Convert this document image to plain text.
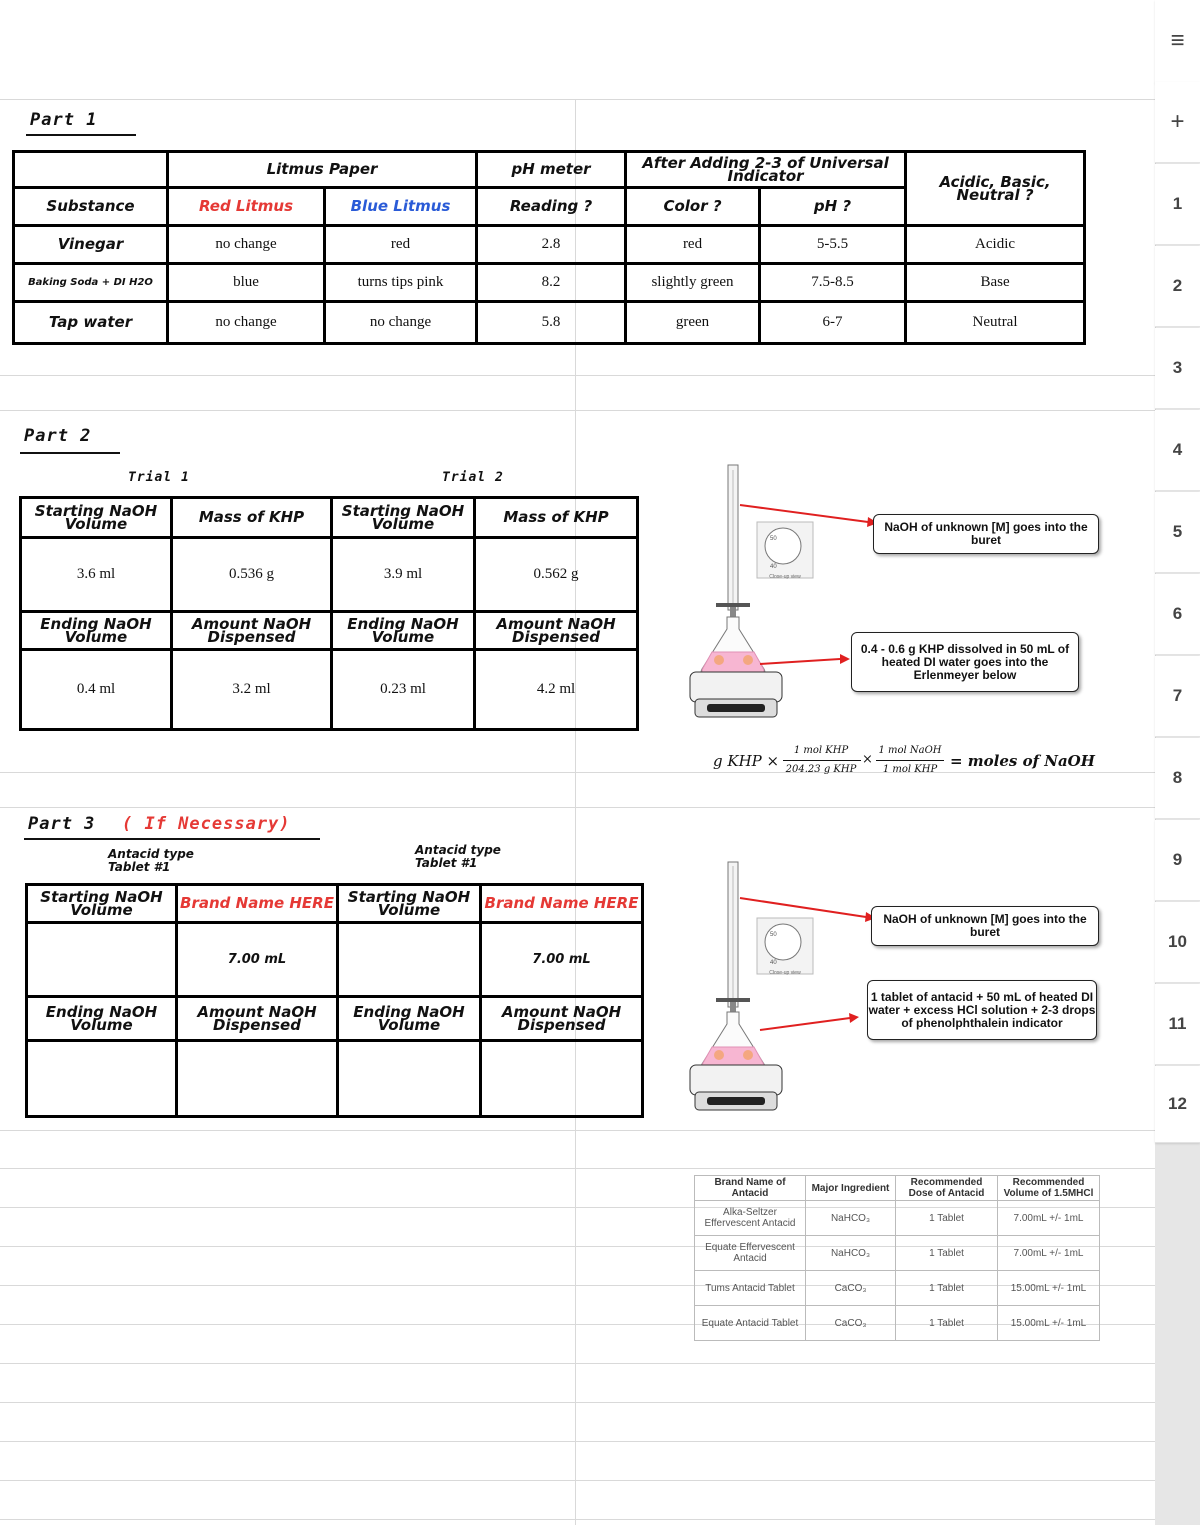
Part 1
	Litmus Paper		pH meter	After Adding 2-3 of Universal Indicator		Acidic, Basic, Neutral ?
Substance	Red Litmus	Blue Litmus	Reading ?	Color ?	pH ?	
Vinegar	no change	red	2.8	red	5-5.5	Acidic
Baking Soda + DI H2O	blue	turns tips pink	8.2	slightly green	7.5-8.5	Base
Tap water	no change	no change	5.8	green	6-7	Neutral
Part 2
Trial 1	Trial 2
Starting NaOH Volume	Mass of KHP	Starting NaOH Volume	Mass of KHP
3.6 ml	0.536 g	3.9 ml	0.562 g
Ending NaOH Volume	Amount NaOH Dispensed	Ending NaOH Volume	Amount NaOH Dispensed
0.4 ml	3.2 ml	0.23 ml	4.2 ml
Part 3 ( If Necessary)
Antacid type Tablet #1
Antacid type Tablet #1
Starting NaOH Volume	Brand Name HERE	Starting NaOH Volume	Brand Name HERE
	7.00 mL		7.00 mL
Ending NaOH Volume	Amount NaOH Dispensed	Ending NaOH Volume	Amount NaOH Dispensed

50
40
Close-up view
50
40
Close-up view
NaOH of unknown [M] goes into the buret
0.4 - 0.6 g KHP dissolved in 50 mL of heated DI water goes into the Erlenmeyer below
NaOH of unknown [M] goes into the buret
1 tablet of antacid + 50 mL of heated DI water + excess HCl solution + 2-3 drops of phenolphthalein indicator
g KHP ×
1 mol KHP
204.23 g KHP
×
1 mol NaOH
1 mol KHP = moles of NaOH
Brand Name of Antacid	Major Ingredient	Recommended Dose of Antacid	Recommended Volume of 1.5MHCl
Alka-Seltzer Effervescent Antacid	NaHCO₃	1 Tablet	7.00mL +/- 1mL
Equate Effervescent Antacid	NaHCO₃	1 Tablet	7.00mL +/- 1mL
Tums Antacid Tablet	CaCO₃	1 Tablet	15.00mL +/- 1mL
Equate Antacid Tablet	CaCO₃	1 Tablet	15.00mL +/- 1mL
≡
+
1
2
3
4
5
6
7
8
9
10
11
12
